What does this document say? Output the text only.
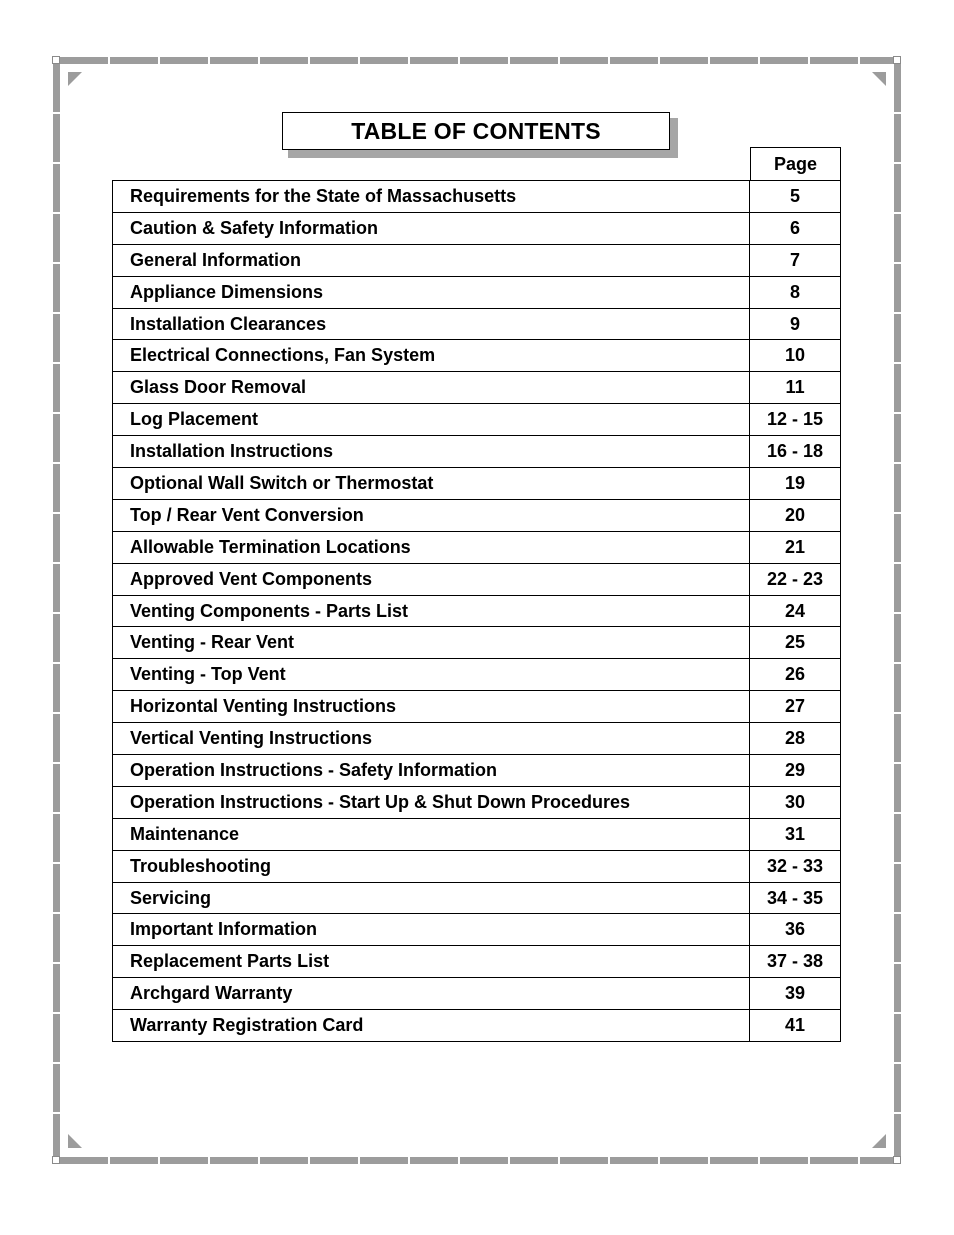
TABLE OF CONTENTS
Page
Requirements for the State of Massachusetts	5
Caution & Safety Information	6
General Information	7
Appliance Dimensions	8
Installation Clearances	9
Electrical Connections, Fan System	10
Glass Door Removal	11
Log Placement	12 - 15
Installation Instructions	16 - 18
Optional Wall Switch or Thermostat	19
Top / Rear Vent Conversion	20
Allowable Termination Locations	21
Approved Vent Components	22 - 23
Venting Components - Parts List	24
Venting - Rear Vent	25
Venting - Top Vent	26
Horizontal Venting Instructions	27
Vertical Venting Instructions	28
Operation Instructions - Safety Information	29
Operation Instructions - Start Up & Shut Down Procedures	30
Maintenance	31
Troubleshooting	32 - 33
Servicing	34 - 35
Important Information	36
Replacement Parts List	37 - 38
Archgard Warranty	39
Warranty Registration Card	41
